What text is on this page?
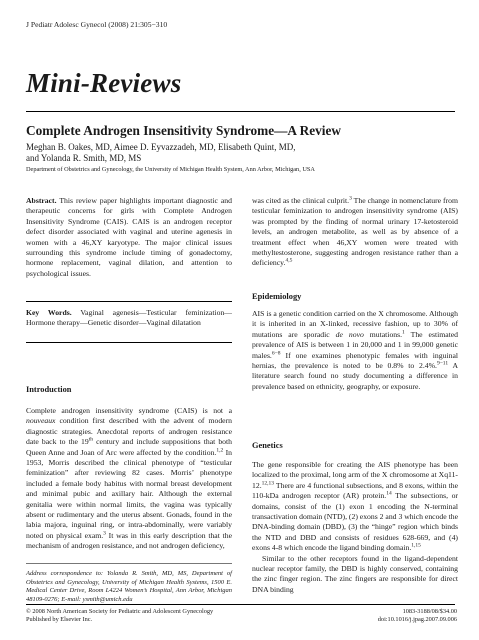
J Pediatr Adolesc Gynecol (2008) 21:305−310
Mini-Reviews
Complete Androgen Insensitivity Syndrome—A Review
Meghan B. Oakes, MD, Aimee D. Eyvazzadeh, MD, Elisabeth Quint, MD,
and Yolanda R. Smith, MD, MS
Department of Obstetrics and Gynecology, the University of Michigan Health System, Ann Arbor, Michigan, USA

Abstract. This review paper highlights important diagnostic and therapeutic concerns for girls with Complete Androgen Insensitivity Syndrome (CAIS). CAIS is an androgen receptor defect disorder associated with vaginal and uterine agenesis in women with a 46,XY karyotype. The major clinical issues surrounding this syndrome include timing of gonadectomy, hormone replacement, vaginal dilation, and attention to psychological issues.

Key Words. Vaginal agenesis—Testicular feminization—Hormone therapy—Genetic disorder—Vaginal dilatation

Introduction

Complete androgen insensitivity syndrome (CAIS) is not a nouveaux condition first described with the advent of modern diagnostic strategies. Anecdotal reports of androgen resistance date back to the 19th century and include suppositions that both Queen Anne and Joan of Arc were affected by the condition.$^{1,2}$ In 1953, Morris described the clinical phenotype of “testicular feminization” after reviewing 82 cases. Morris’ phenotype included a female body habitus with normal breast development and minimal pubic and axillary hair. Although the external genitalia were within normal limits, the vagina was typically absent or rudimentary and the uterus absent. Gonads, found in the labia majora, inguinal ring, or intra-abdominally, were variably noted on physical exam.$^3$ It was in this early description that the mechanism of androgen resistance, and not androgen deficiency,

Address correspondence to: Yolanda R. Smith, MD, MS, Department of Obstetrics and Gynecology, University of Michigan Health Systems, 1500 E. Medical Center Drive, Room L4224 Women’s Hospital, Ann Arbor, Michigan 48109-0276; E-mail: ysmith@umich.edu

was cited as the clinical culprit.$^3$ The change in nomenclature from testicular feminization to androgen insensitivity syndrome (AIS) was prompted by the finding of normal urinary 17-ketosteroid levels, an androgen metabolite, as well as by absence of a treatment effect when 46,XY women were treated with methyltestosterone, suggesting androgen resistance rather than a deficiency.$^{4,5}$

Epidemiology

AIS is a genetic condition carried on the X chromosome. Although it is inherited in an X-linked, recessive fashion, up to 30% of mutations are sporadic de novo mutations.$^1$ The estimated prevalence of AIS is between 1 in 20,000 and 1 in 99,000 genetic males.$^{6-8}$ If one examines phenotypic females with inguinal hernias, the prevalence is noted to be 0.8% to 2.4%.$^{9-11}$ A literature search found no study documenting a difference in prevalence based on ethnicity, geography, or exposure.

Genetics

The gene responsible for creating the AIS phenotype has been localized to the proximal, long arm of the X chromosome at Xq11-12.$^{12,13}$ There are 4 functional subsections, and 8 exons, within the 110-kDa androgen receptor (AR) protein.$^{14}$ The subsections, or domains, consist of the (1) exon 1 encoding the N-terminal transactivation domain (NTD), (2) exons 2 and 3 which encode the DNA-binding domain (DBD), (3) the “hinge” region which binds the NTD and DBD and consists of residues 628-669, and (4) exons 4-8 which encode the ligand binding domain.$^{1,15}$

Similar to the other receptors found in the ligand-dependent nuclear receptor family, the DBD is highly conserved, containing the zinc finger region. The zinc fingers are responsible for direct DNA binding

© 2008 North American Society for Pediatric and Adolescent Gynecology
Published by Elsevier Inc.
1083-3188/08/$34.00
doi:10.1016/j.jpag.2007.09.006
